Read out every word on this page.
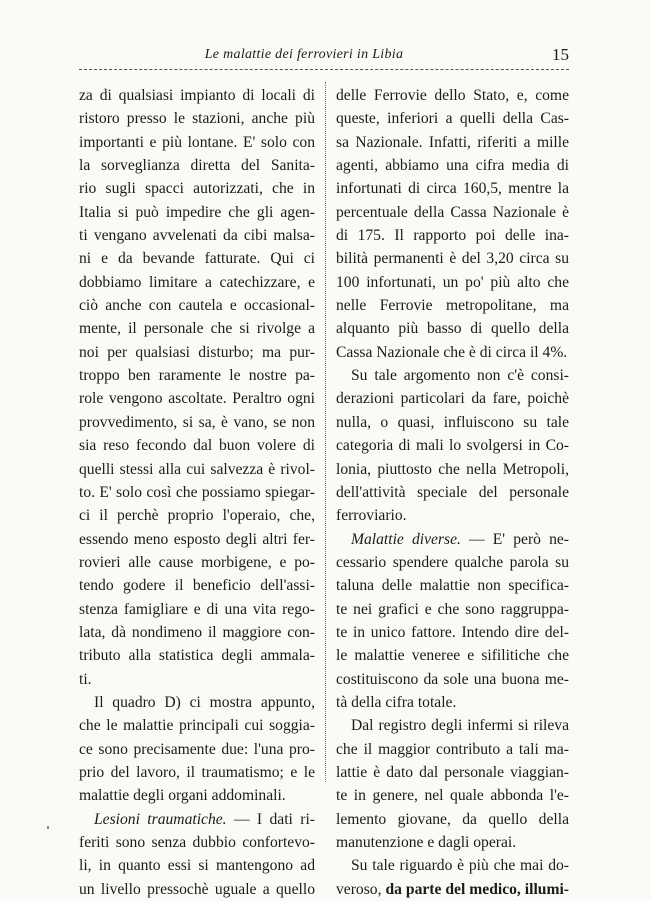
Le malattie dei ferrovieri in Libia	15
za di qualsiasi impianto di locali di
ristoro presso le stazioni, anche più
importanti e più lontane. E' solo con
la sorveglianza diretta del Sanita-
rio sugli spacci autorizzati, che in
Italia si può impedire che gli agen-
ti vengano avvelenati da cibi malsa-
ni e da bevande fatturate. Qui ci
dobbiamo limitare a catechizzare, e
ciò anche con cautela e occasional-
mente, il personale che si rivolge a
noi per qualsiasi disturbo; ma pur-
troppo ben raramente le nostre pa-
role vengono ascoltate. Peraltro ogni
provvedimento, si sa, è vano, se non
sia reso fecondo dal buon volere di
quelli stessi alla cui salvezza è rivol-
to. E' solo così che possiamo spiegar-
ci il perchè proprio l'operaio, che,
essendo meno esposto degli altri fer-
rovieri alle cause morbigene, e po-
tendo godere il beneficio dell'assi-
stenza famigliare e di una vita rego-
lata, dà nondimeno il maggiore con-
tributo alla statistica degli ammala-
ti.
Il quadro D) ci mostra appunto,
che le malattie principali cui soggia-
ce sono precisamente due: l'una pro-
prio del lavoro, il traumatismo; e le
malattie degli organi addominali.
Lesioni traumatiche. — I dati ri-
feriti sono senza dubbio confortevo-
li, in quanto essi si mantengono ad
un livello pressochè uguale a quello
delle Ferrovie dello Stato, e, come
queste, inferiori a quelli della Cas-
sa Nazionale. Infatti, riferiti a mille
agenti, abbiamo una cifra media di
infortunati di circa 160,5, mentre la
percentuale della Cassa Nazionale è
di 175. Il rapporto poi delle ina-
bilità permanenti è del 3,20 circa su
100 infortunati, un po' più alto che
nelle Ferrovie metropolitane, ma
alquanto più basso di quello della
Cassa Nazionale che è di circa il 4%.
Su tale argomento non c'è consi-
derazioni particolari da fare, poichè
nulla, o quasi, influiscono su tale
categoria di mali lo svolgersi in Co-
lonia, piuttosto che nella Metropoli,
dell'attività speciale del personale
ferroviario.
Malattie diverse. — E' però ne-
cessario spendere qualche parola su
taluna delle malattie non specifica-
te nei grafici e che sono raggruppa-
te in unico fattore. Intendo dire del-
le malattie veneree e sifilitiche che
costituiscono da sole una buona me-
tà della cifra totale.
Dal registro degli infermi si rileva
che il maggior contributo a tali ma-
lattie è dato dal personale viaggian-
te in genere, nel quale abbonda l'e-
lemento giovane, da quello della
manutenzione e dagli operai.
Su tale riguardo è più che mai do-
veroso, da parte del medico, illumi-
